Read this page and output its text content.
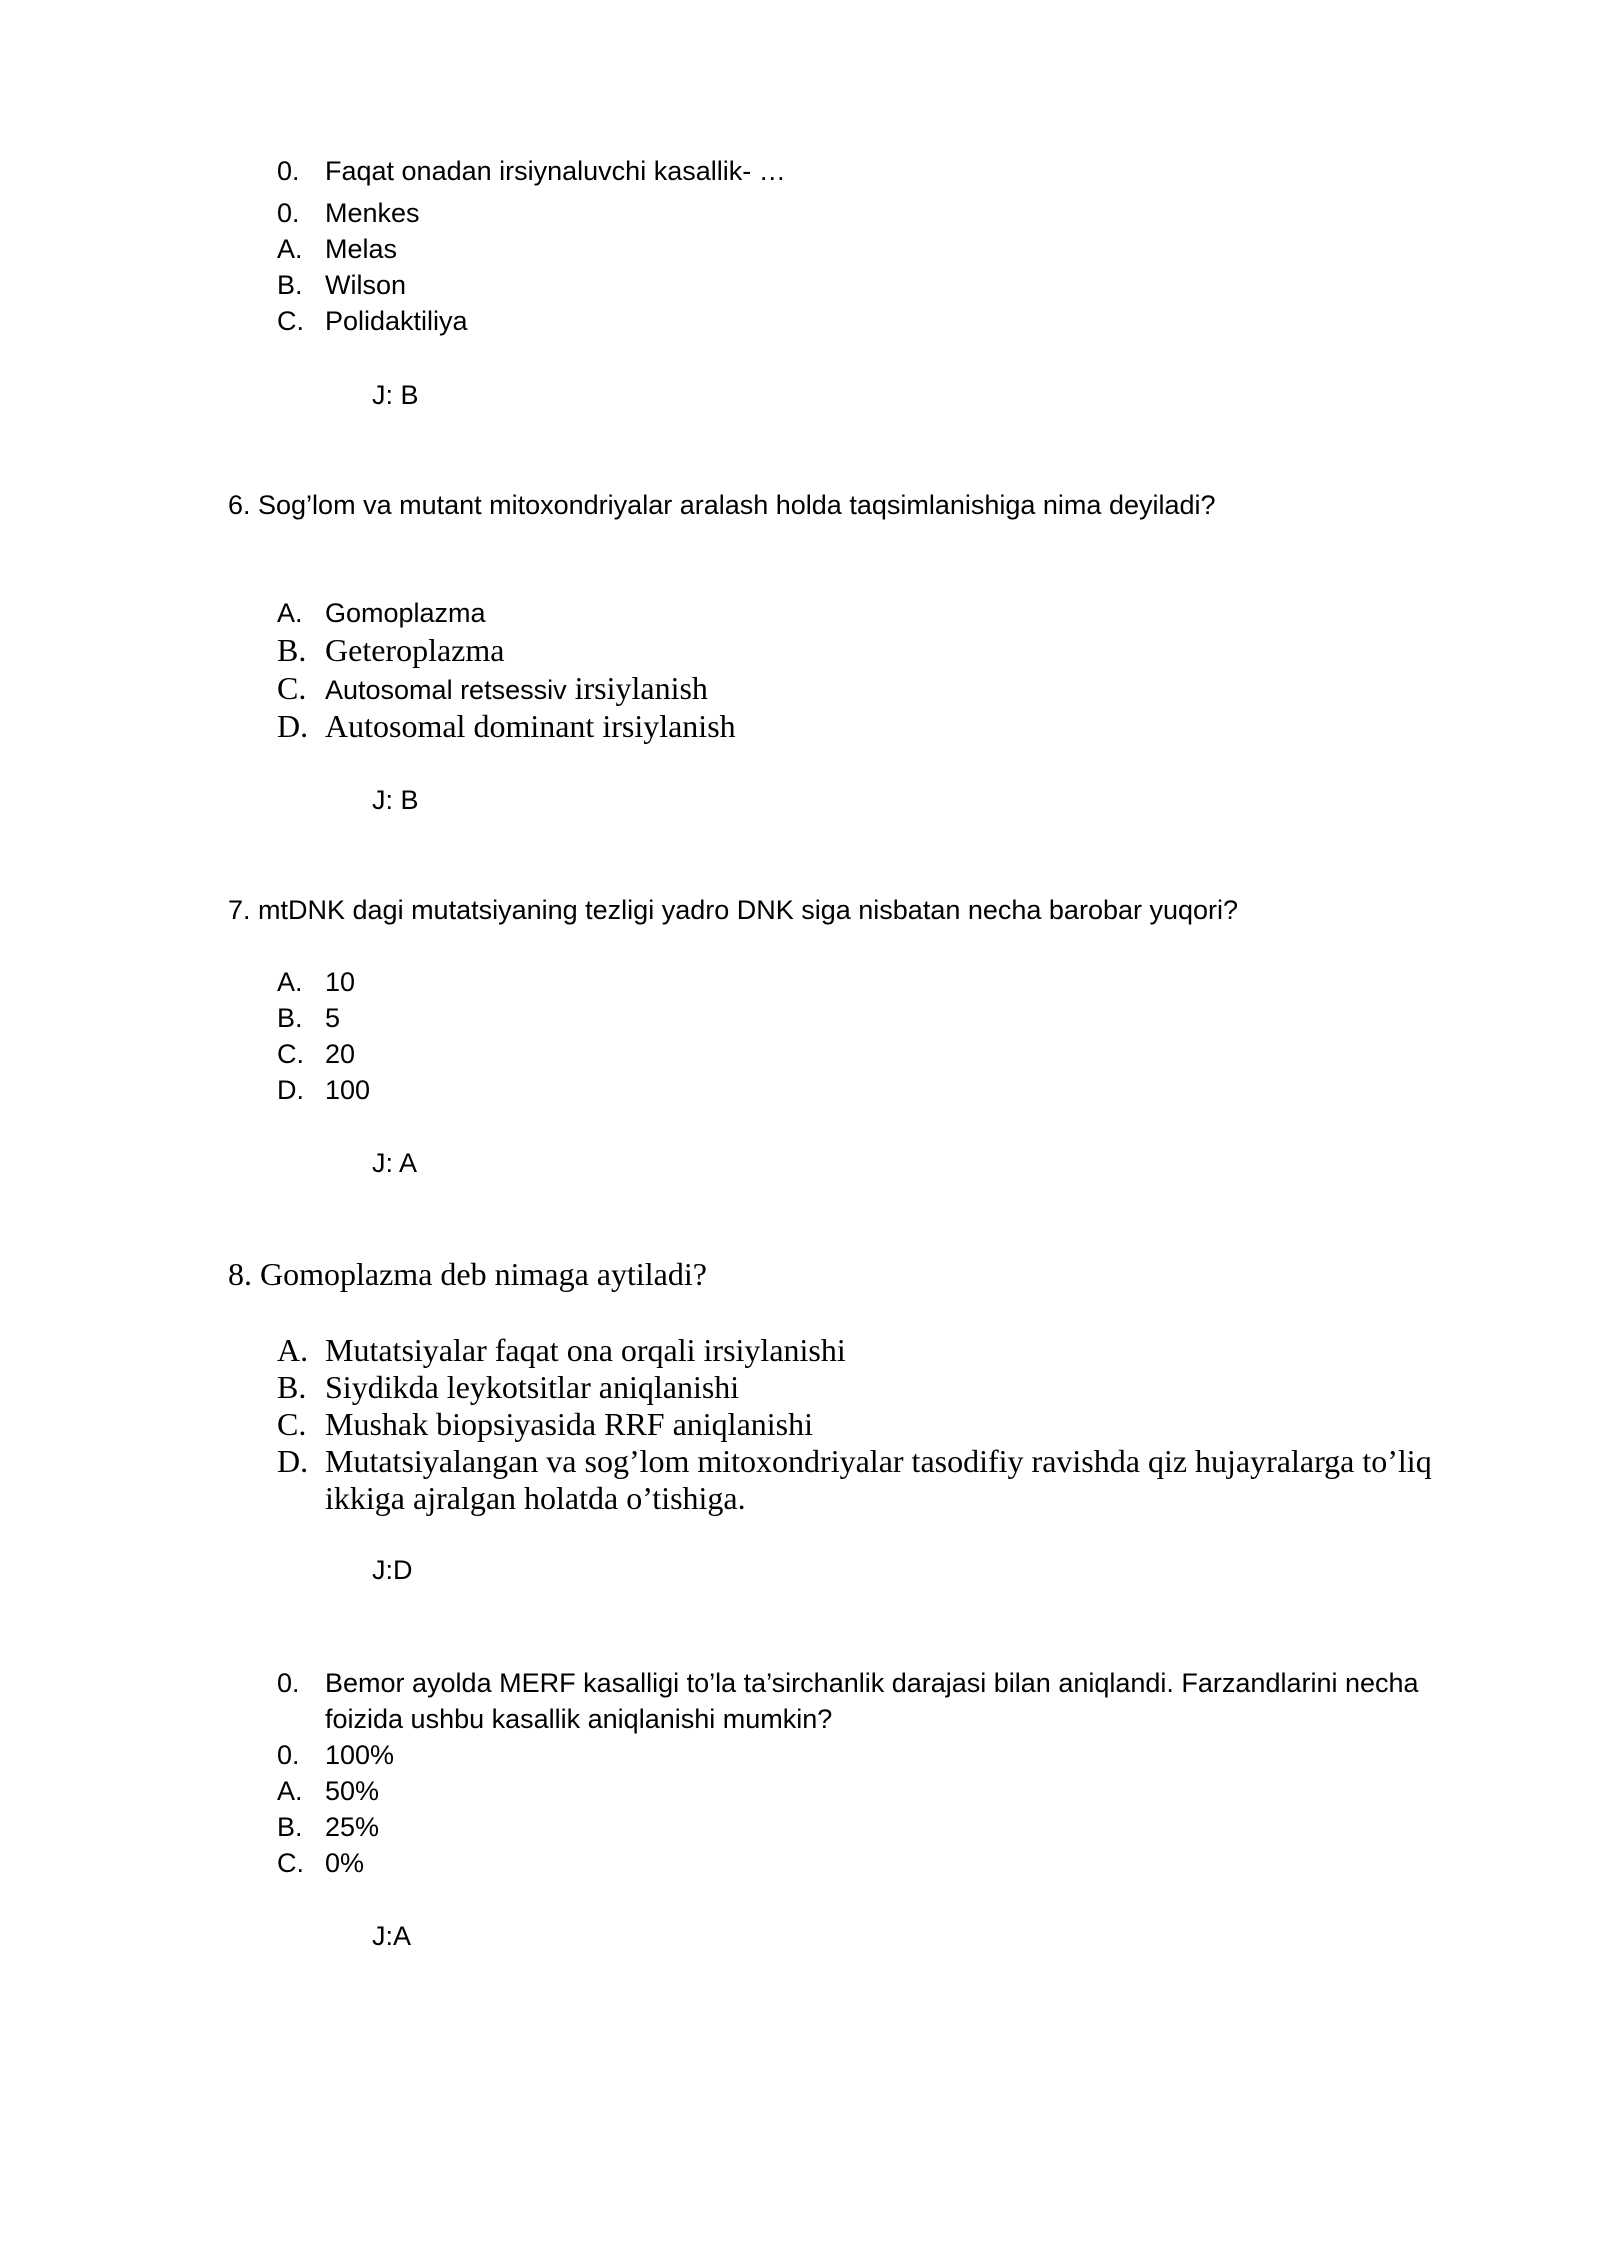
0. Faqat onadan irsiynaluvchi kasallik- …
0. Menkes
A. Melas
B. Wilson
C. Polidaktiliya
J: B
6. Sog’lom va mutant mitoxondriyalar aralash holda taqsimlanishiga nima deyiladi?
A. Gomoplazma
B. Geteroplazma
C. Autosomal retsessiv irsiylanish
D. Autosomal dominant irsiylanish
J: B
7. mtDNK dagi mutatsiyaning tezligi yadro DNK siga nisbatan necha barobar yuqori?
A. 10
B. 5
C. 20
D. 100
J: A
8. Gomoplazma deb nimaga aytiladi?
A. Mutatsiyalar faqat ona orqali irsiylanishi
B. Siydikda leykotsitlar aniqlanishi
C. Mushak biopsiyasida RRF aniqlanishi
D. Mutatsiyalangan va sog’lom mitoxondriyalar tasodifiy ravishda qiz hujayralarga to’liq
ikkiga ajralgan holatda o’tishiga.
J:D
0. Bemor ayolda MERF kasalligi to’la ta’sirchanlik darajasi bilan aniqlandi. Farzandlarini necha
foizida ushbu kasallik aniqlanishi mumkin?
0. 100%
A. 50%
B. 25%
C. 0%
J:A
